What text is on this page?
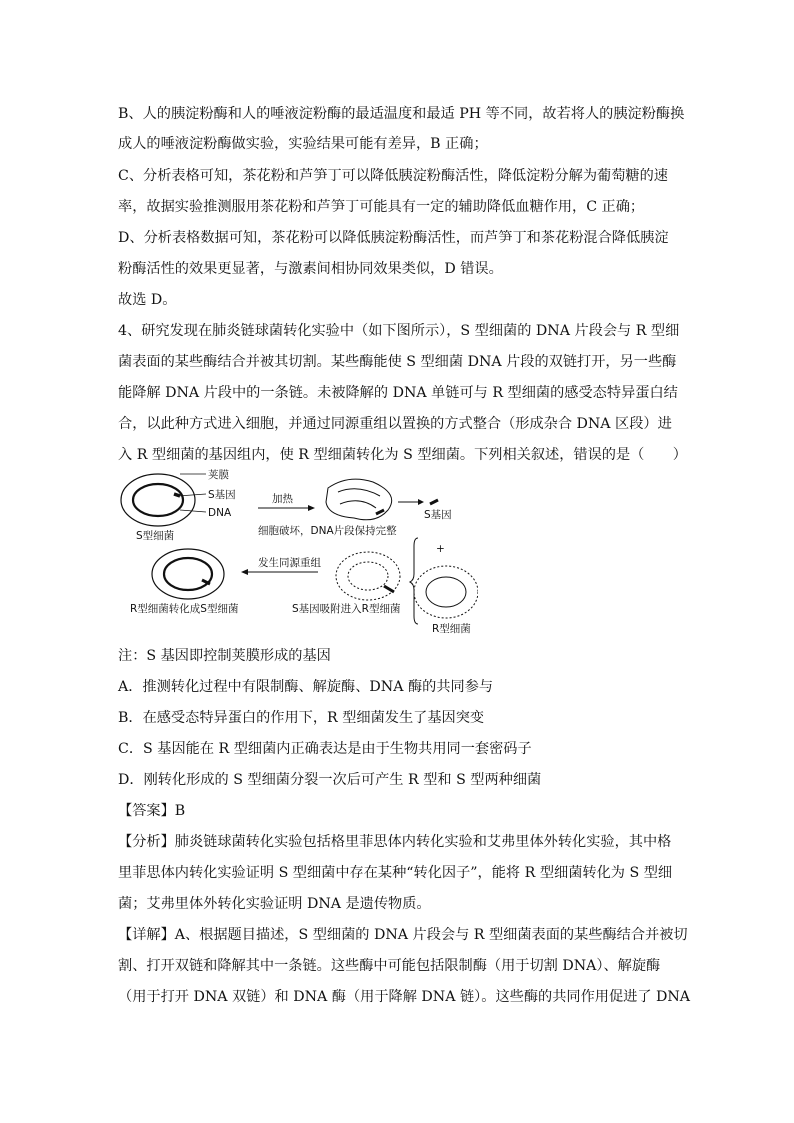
B、人的胰淀粉酶和人的唾液淀粉酶的最适温度和最适 PH 等不同，故若将人的胰淀粉酶换
成人的唾液淀粉酶做实验，实验结果可能有差异，B 正确；
C、分析表格可知，茶花粉和芦笋丁可以降低胰淀粉酶活性，降低淀粉分解为葡萄糖的速
率，故据实验推测服用茶花粉和芦笋丁可能具有一定的辅助降低血糖作用，C 正确；
D、分析表格数据可知，茶花粉可以降低胰淀粉酶活性，而芦笋丁和茶花粉混合降低胰淀
粉酶活性的效果更显著，与激素间相协同效果类似，D 错误。
故选 D。
4、研究发现在肺炎链球菌转化实验中（如下图所示），S 型细菌的 DNA 片段会与 R 型细
菌表面的某些酶结合并被其切割。某些酶能使 S 型细菌 DNA 片段的双链打开，另一些酶
能降解 DNA 片段中的一条链。未被降解的 DNA 单链可与 R 型细菌的感受态特异蛋白结
合，以此种方式进入细胞，并通过同源重组以置换的方式整合（形成杂合 DNA 区段）进
入 R 型细菌的基因组内，使 R 型细菌转化为 S 型细菌。下列相关叙述，错误的是（　　）
荚膜
S基因
DNA
S型细菌
加热
细胞破坏，DNA片段保持完整
S基因
+
R型细菌
S基因吸附进入R型细菌
发生同源重组
R型细菌转化成S型细菌
注：S 基因即控制荚膜形成的基因
A．推测转化过程中有限制酶、解旋酶、DNA 酶的共同参与
B．在感受态特异蛋白的作用下，R 型细菌发生了基因突变
C．S 基因能在 R 型细菌内正确表达是由于生物共用同一套密码子
D．刚转化形成的 S 型细菌分裂一次后可产生 R 型和 S 型两种细菌
【答案】B
【分析】肺炎链球菌转化实验包括格里菲思体内转化实验和艾弗里体外转化实验，其中格
里菲思体内转化实验证明 S 型细菌中存在某种“转化因子”，能将 R 型细菌转化为 S 型细
菌；艾弗里体外转化实验证明 DNA 是遗传物质。
【详解】A、根据题目描述，S 型细菌的 DNA 片段会与 R 型细菌表面的某些酶结合并被切
割、打开双链和降解其中一条链。这些酶中可能包括限制酶（用于切割 DNA）、解旋酶
（用于打开 DNA 双链）和 DNA 酶（用于降解 DNA 链）。这些酶的共同作用促进了 DNA
